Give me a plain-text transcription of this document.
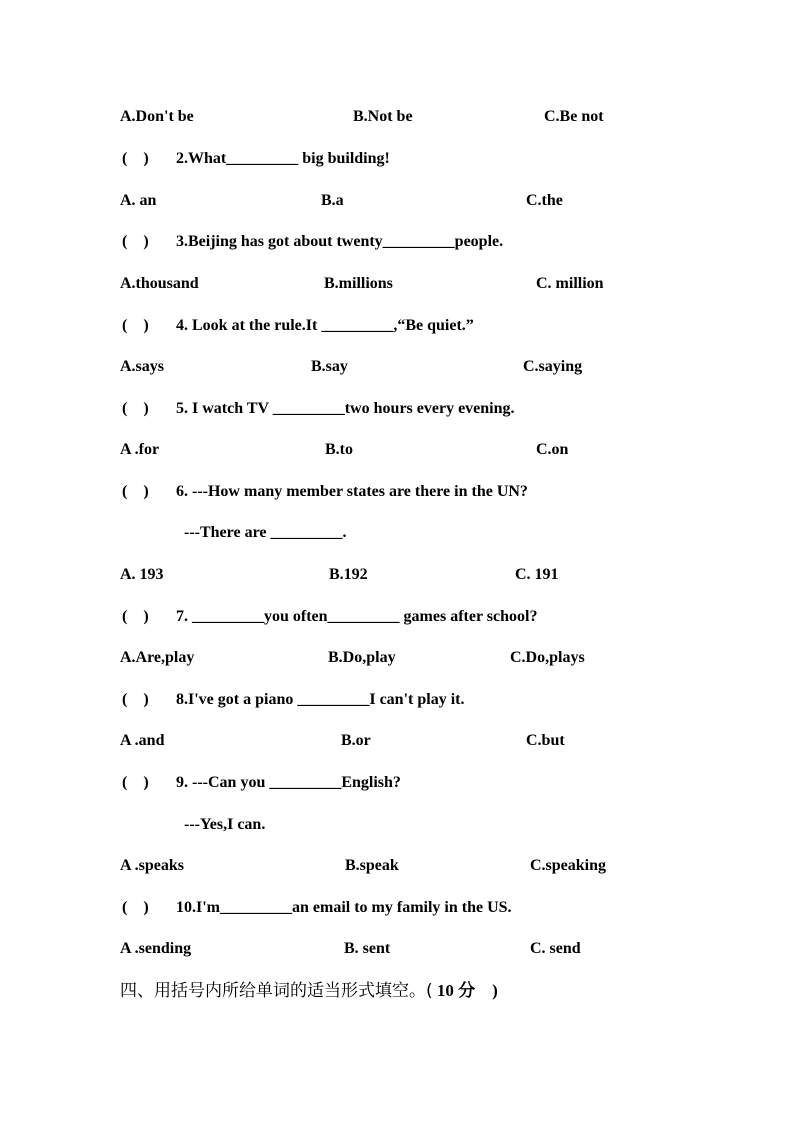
A.Don't be	B.Not be	C.Be not
(　) 2.What_________ big building!
A. an	B.a	C.the
(　) 3.Beijing has got about twenty_________people.
A.thousand	B.millions	C. million
(　) 4. Look at the rule.It _________,“Be quiet.”
A.says	B.say	C.saying
(　) 5. I watch TV _________two hours every evening.
A .for	B.to	C.on
(　) 6. ---How many member states are there in the UN?
---There are _________.
A. 193	B.192	C. 191
(　) 7. _________you often_________ games after school?
A.Are,play	B.Do,play	C.Do,plays
(　) 8.I've got a piano _________I can't play it.
A .and	B.or	C.but
(　) 9. ---Can you _________English?
---Yes,I can.
A .speaks	B.speak	C.speaking
(　) 10.I'm_________an email to my family in the US.
A .sending	B. sent	C. send
四、用括号内所给单词的适当形式填空。( 10 分　)
